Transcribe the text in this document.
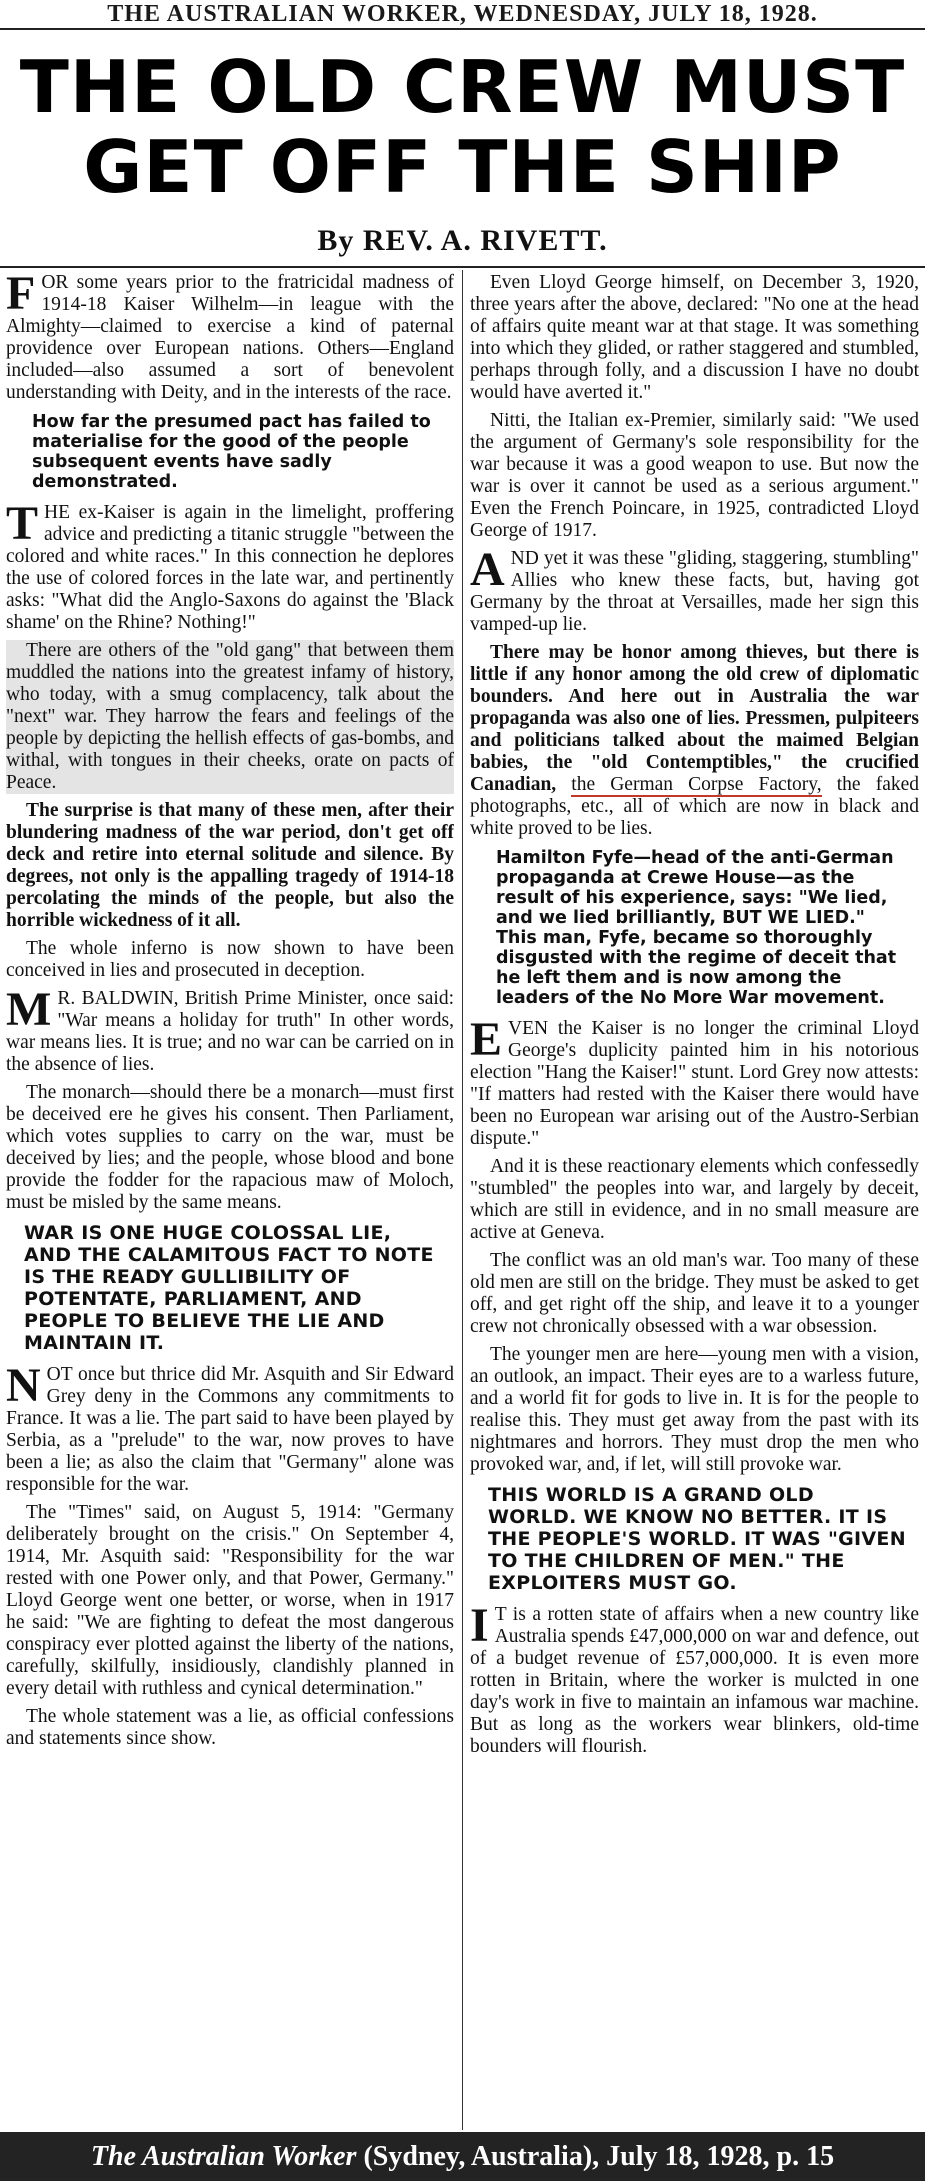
THE AUSTRALIAN WORKER, WEDNESDAY, JULY 18, 1928.
THE OLD CREW MUST
GET OFF THE SHIP
By REV. A. RIVETT.

FOR some years prior to the fratricidal madness of 1914-18 Kaiser Wilhelm—in league with the Almighty—claimed to exercise a kind of paternal providence over European nations. Others—England included—also assumed a sort of benevolent understanding with Deity, and in the interests of the race.

How far the presumed pact has failed to materialise for the good of the people subsequent events have sadly demonstrated.

THE ex-Kaiser is again in the limelight, proffering advice and predicting a titanic struggle "between the colored and white races." In this connection he deplores the use of colored forces in the late war, and pertinently asks: "What did the Anglo-Saxons do against the 'Black shame' on the Rhine? Nothing!"

There are others of the "old gang" that between them muddled the nations into the greatest infamy of history, who today, with a smug complacency, talk about the "next" war. They harrow the fears and feelings of the people by depicting the hellish effects of gas-bombs, and withal, with tongues in their cheeks, orate on pacts of Peace.

The surprise is that many of these men, after their blundering madness of the war period, don't get off deck and retire into eternal solitude and silence. By degrees, not only is the appalling tragedy of 1914-18 percolating the minds of the people, but also the horrible wickedness of it all.

The whole inferno is now shown to have been conceived in lies and prosecuted in deception.

M R. BALDWIN, British Prime Minister, once said: "War means a holiday for truth" In other words, war means lies. It is true; and no war can be carried on in the absence of lies.

The monarch—should there be a monarch—must first be deceived ere he gives his consent. Then Parliament, which votes supplies to carry on the war, must be deceived by lies; and the people, whose blood and bone provide the fodder for the rapacious maw of Moloch, must be misled by the same means.

WAR IS ONE HUGE COLOSSAL LIE, AND THE CALAMITOUS FACT TO NOTE IS THE READY GULLIBILITY OF POTENTATE, PARLIAMENT, AND PEOPLE TO BELIEVE THE LIE AND MAINTAIN IT.

NOT once but thrice did Mr. Asquith and Sir Edward Grey deny in the Commons any commitments to France. It was a lie. The part said to have been played by Serbia, as a "prelude" to the war, now proves to have been a lie; as also the claim that "Germany" alone was responsible for the war.

The "Times" said, on August 5, 1914: "Germany deliberately brought on the crisis." On September 4, 1914, Mr. Asquith said: "Responsibility for the war rested with one Power only, and that Power, Germany." Lloyd George went one better, or worse, when in 1917 he said: "We are fighting to defeat the most dangerous conspiracy ever plotted against the liberty of the nations, carefully, skilfully, insidiously, clandishly planned in every detail with ruthless and cynical determination."

The whole statement was a lie, as official confessions and statements since show.

Even Lloyd George himself, on December 3, 1920, three years after the above, declared: "No one at the head of affairs quite meant war at that stage. It was something into which they glided, or rather staggered and stumbled, perhaps through folly, and a discussion I have no doubt would have averted it."

Nitti, the Italian ex-Premier, similarly said: "We used the argument of Germany's sole responsibility for the war because it was a good weapon to use. But now the war is over it cannot be used as a serious argument." Even the French Poincare, in 1925, contradicted Lloyd George of 1917.

AND yet it was these "gliding, staggering, stumbling" Allies who knew these facts, but, having got Germany by the throat at Versailles, made her sign this vamped-up lie.

There may be honor among thieves, but there is little if any honor among the old crew of diplomatic bounders. And here out in Australia the war propaganda was also one of lies. Pressmen, pulpiteers and politicians talked about the maimed Belgian babies, the "old Contemptibles," the crucified Canadian, the German Corpse Factory, the faked photographs, etc., all of which are now in black and white proved to be lies.

Hamilton Fyfe—head of the anti-German propaganda at Crewe House—as the result of his experience, says: "We lied, and we lied brilliantly, BUT WE LIED." This man, Fyfe, became so thoroughly disgusted with the regime of deceit that he left them and is now among the leaders of the No More War movement.

EVEN the Kaiser is no longer the criminal Lloyd George's duplicity painted him in his notorious election "Hang the Kaiser!" stunt. Lord Grey now attests: "If matters had rested with the Kaiser there would have been no European war arising out of the Austro-Serbian dispute."

And it is these reactionary elements which confessedly "stumbled" the peoples into war, and largely by deceit, which are still in evidence, and in no small measure are active at Geneva.

The conflict was an old man's war. Too many of these old men are still on the bridge. They must be asked to get off, and get right off the ship, and leave it to a younger crew not chronically obsessed with a war obsession.

The younger men are here—young men with a vision, an outlook, an impact. Their eyes are to a warless future, and a world fit for gods to live in. It is for the people to realise this. They must get away from the past with its nightmares and horrors. They must drop the men who provoked war, and, if let, will still provoke war.

THIS WORLD IS A GRAND OLD WORLD. WE KNOW NO BETTER. IT IS THE PEOPLE'S WORLD. IT WAS "GIVEN TO THE CHILDREN OF MEN." THE EXPLOITERS MUST GO.

I T is a rotten state of affairs when a new country like Australia spends £47,000,000 on war and defence, out of a budget revenue of £57,000,000. It is even more rotten in Britain, where the worker is mulcted in one day's work in five to maintain an infamous war machine. But as long as the workers wear blinkers, old-time bounders will flourish.

The Australian Worker (Sydney, Australia), July 18, 1928, p. 15
